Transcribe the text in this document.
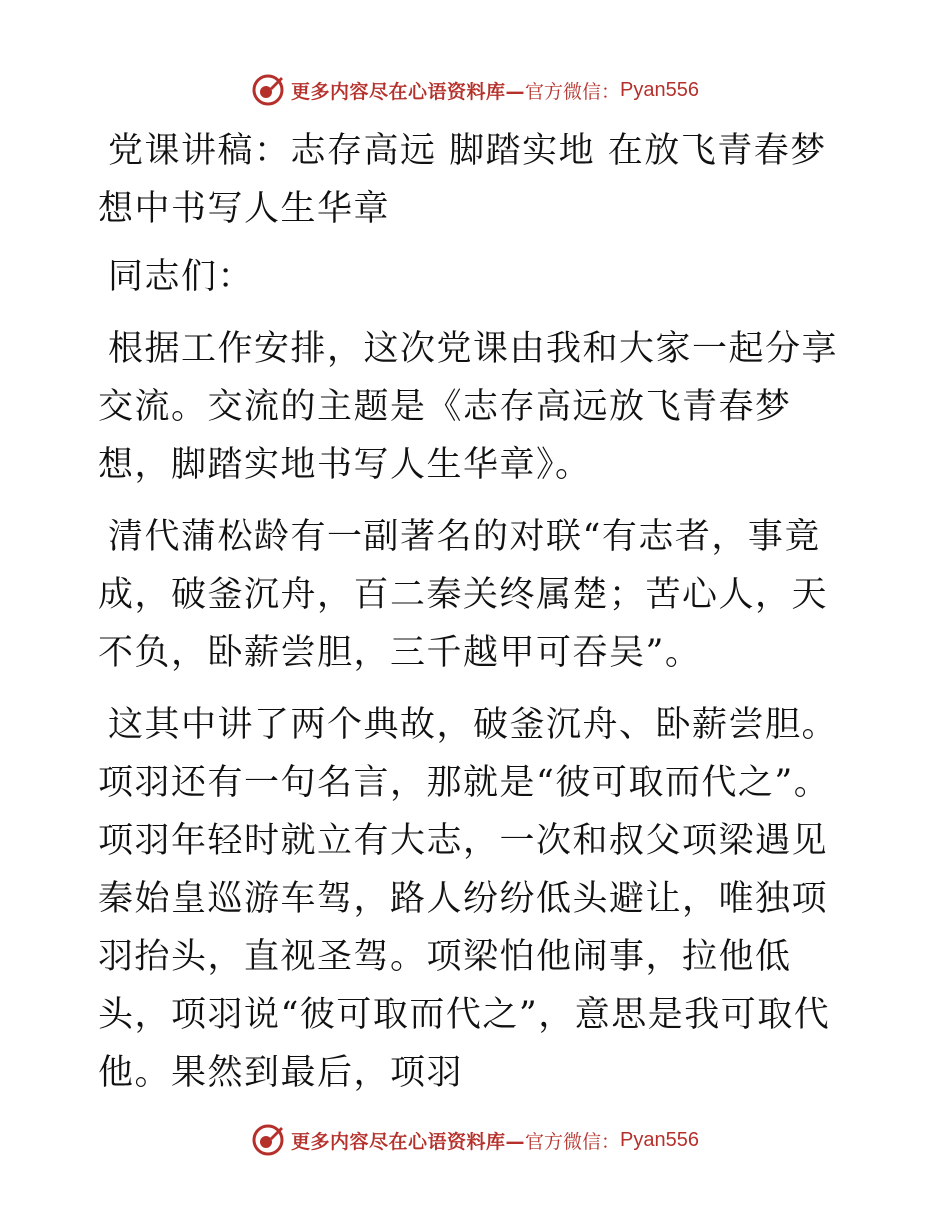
更多内容尽在心语资料库— 官方微信： Pyan556

党课讲稿：志存高远 脚踏实地 在放飞青春梦想中书写人生华章

同志们：

根据工作安排，这次党课由我和大家一起分享交流。交流的主题是《志存高远放飞青春梦想，脚踏实地书写人生华章》。

清代蒲松龄有一副著名的对联“有志者，事竟成，破釜沉舟，百二秦关终属楚；苦心人，天不负，卧薪尝胆，三千越甲可吞吴”。

这其中讲了两个典故，破釜沉舟、卧薪尝胆。项羽还有一句名言，那就是“彼可取而代之”。项羽年轻时就立有大志，一次和叔父项梁遇见秦始皇巡游车驾，路人纷纷低头避让，唯独项羽抬头，直视圣驾。项梁怕他闹事，拉他低头，项羽说“彼可取而代之”，意思是我可取代他。果然到最后，项羽

更多内容尽在心语资料库— 官方微信： Pyan556
